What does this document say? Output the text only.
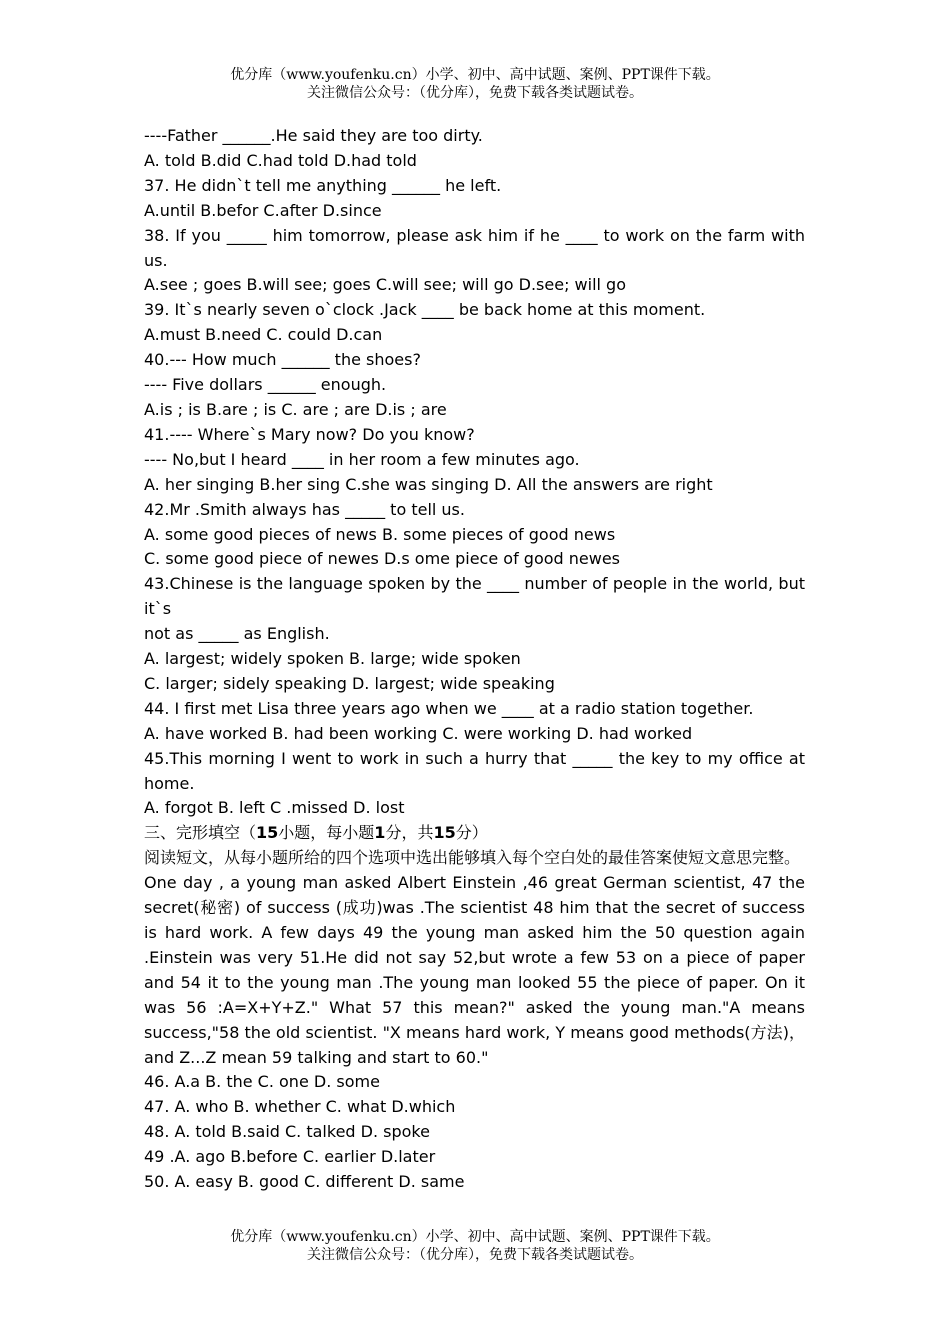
优分库（www.youfenku.cn）小学、初中、高中试题、案例、PPT课件下载。
关注微信公众号：（优分库），免费下载各类试题试卷。
----Father ______.He said they are too dirty.
A. told B.did C.had told D.had told
37. He didn`t tell me anything ______ he left.
A.until B.befor C.after D.since
38. If you _____ him tomorrow, please ask him if he ____ to work on the farm with us.
A.see ; goes B.will see; goes C.will see; will go D.see; will go
39. It`s nearly seven o`clock .Jack ____ be back home at this moment.
A.must B.need C. could D.can
40.--- How much ______ the shoes?
---- Five dollars ______ enough.
A.is ; is B.are ; is C. are ; are D.is ; are
41.---- Where`s Mary now? Do you know?
---- No,but I heard ____ in her room a few minutes ago.
A. her singing B.her sing C.she was singing D. All the answers are right
42.Mr .Smith always has _____ to tell us.
A. some good pieces of news B. some pieces of good news
C. some good piece of newes D.s ome piece of good newes
43.Chinese is the language spoken by the ____ number of people in the world, but it`s
not as _____ as English.
A. largest; widely spoken B. large; wide spoken
C. larger; sidely speaking D. largest; wide speaking
44. I first met Lisa three years ago when we ____ at a radio station together.
A. have worked B. had been working C. were working D. had worked
45.This morning I went to work in such a hurry that _____ the key to my office at home.
A. forgot B. left C .missed D. lost
三、完形填空（15小题，每小题1分，共15分）
阅读短文，从每小题所给的四个选项中选出能够填入每个空白处的最佳答案使短文意思完整。
One day , a young man asked Albert Einstein ,46 great German scientist, 47 the secret(秘密) of success (成功)was .The scientist 48 him that the secret of success is hard work. A few days 49 the young man asked him the 50 question again .Einstein was very 51.He did not say 52,but wrote a few 53 on a piece of paper and 54 it to the young man .The young man looked 55 the piece of paper. On it was 56 :A=X+Y+Z." What 57 this mean?" asked the young man."A means success,"58 the old scientist. "X means hard work, Y means good methods(方法)，and Z...Z mean 59 talking and start to 60."
46. A.a B. the C. one D. some
47. A. who B. whether C. what D.which
48. A. told B.said C. talked D. spoke
49 .A. ago B.before C. earlier D.later
50. A. easy B. good C. different D. same
优分库（www.youfenku.cn）小学、初中、高中试题、案例、PPT课件下载。
关注微信公众号：（优分库），免费下载各类试题试卷。
